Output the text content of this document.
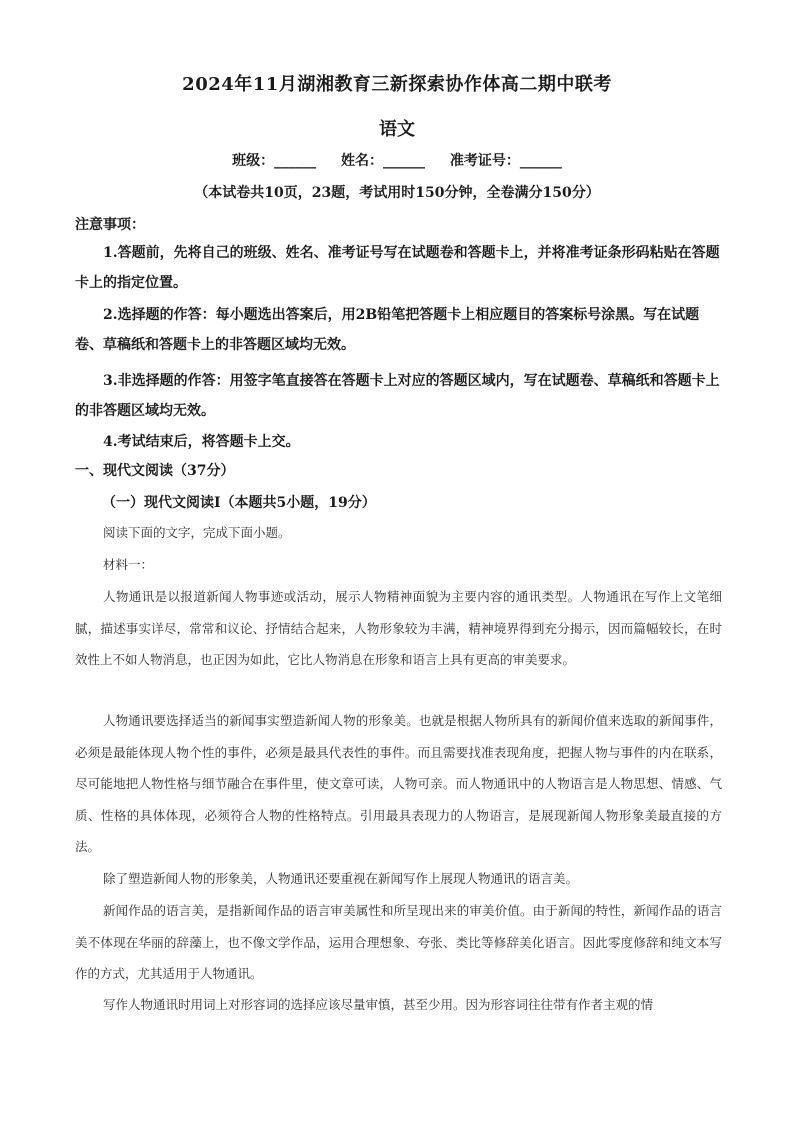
2024年11月湖湘教育三新探索协作体高二期中联考
语文
班级：______ 姓名：______ 准考证号：______
（本试卷共10页，23题，考试用时150分钟，全卷满分150分）
注意事项：
1.答题前，先将自己的班级、姓名、准考证号写在试题卷和答题卡上，并将准考证条形码粘贴在答题卡上的指定位置。
2.选择题的作答：每小题选出答案后，用2B铅笔把答题卡上相应题目的答案标号涂黑。写在试题卷、草稿纸和答题卡上的非答题区域均无效。
3.非选择题的作答：用签字笔直接答在答题卡上对应的答题区域内，写在试题卷、草稿纸和答题卡上的非答题区域均无效。
4.考试结束后，将答题卡上交。
一、现代文阅读（37分）
（一）现代文阅读Ⅰ（本题共5小题，19分）
阅读下面的文字，完成下面小题。
材料一：
人物通讯是以报道新闻人物事迹或活动，展示人物精神面貌为主要内容的通讯类型。人物通讯在写作上文笔细腻，描述事实详尽，常常和议论、抒情结合起来，人物形象较为丰满，精神境界得到充分揭示，因而篇幅较长，在时效性上不如人物消息，也正因为如此，它比人物消息在形象和语言上具有更高的审美要求。
人物通讯要选择适当的新闻事实塑造新闻人物的形象美。也就是根据人物所具有的新闻价值来选取的新闻事件，必须是最能体现人物个性的事件，必须是最具代表性的事件。而且需要找准表现角度，把握人物与事件的内在联系，尽可能地把人物性格与细节融合在事件里，使文章可读，人物可亲。而人物通讯中的人物语言是人物思想、情感、气质、性格的具体体现，必须符合人物的性格特点。引用最具表现力的人物语言，是展现新闻人物形象美最直接的方法。
除了塑造新闻人物的形象美，人物通讯还要重视在新闻写作上展现人物通讯的语言美。
新闻作品的语言美，是指新闻作品的语言审美属性和所呈现出来的审美价值。由于新闻的特性，新闻作品的语言美不体现在华丽的辞藻上，也不像文学作品，运用合理想象、夸张、类比等修辞美化语言。因此零度修辞和纯文本写作的方式，尤其适用于人物通讯。
写作人物通讯时用词上对形容词的选择应该尽量审慎，甚至少用。因为形容词往往带有作者主观的情
